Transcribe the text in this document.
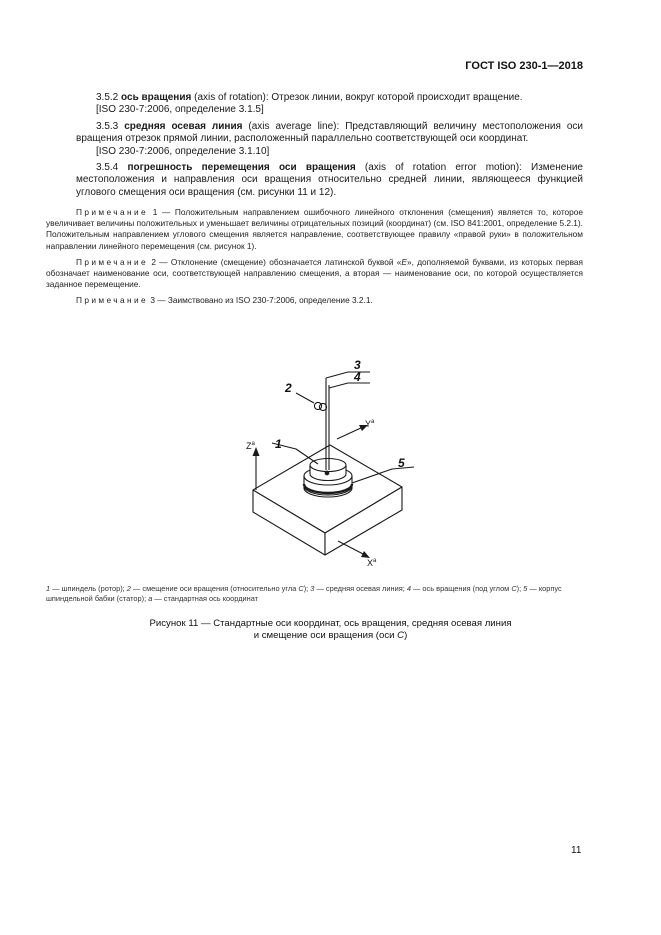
ГОСТ ISO 230-1—2018

3.5.2 ось вращения (axis of rotation): Отрезок линии, вокруг которой происходит вращение.

[ISO 230-7:2006, определение 3.1.5]

3.5.3 средняя осевая линия (axis average line): Представляющий величину местоположения оси вращения отрезок прямой линии, расположенный параллельно соответствующей оси координат.

[ISO 230-7:2006, определение 3.1.10]

3.5.4 погрешность перемещения оси вращения (axis of rotation error motion): Изменение местоположения и направления оси вращения относительно средней линии, являющееся функцией углового смещения оси вращения (см. рисунки 11 и 12).

Примечание 1 — Положительным направлением ошибочного линейного отклонения (смещения) является то, которое увеличивает величины положительных и уменьшает величины отрицательных позиций (координат) (см. ISO 841:2001, определение 5.2.1). Положительным направлением углового смещения является направление, соответствующее правилу «правой руки» в положительном направлении линейного перемещения (см. рисунок 1).

Примечание 2 — Отклонение (смещение) обозначается латинской буквой «E», дополняемой буквами, из которых первая обозначает наименование оси, соответствующей направлению смещения, а вторая — наименование оси, по которой осуществляется заданное перемещение.

Примечание 3 — Заимствовано из ISO 230-7:2006, определение 3.2.1.

1
2
3
4
5
$Z^a$
$Y^a$
$X^a$
1 — шпиндель (ротор); 2 — смещение оси вращения (относительно угла C); 3 — средняя осевая линия; 4 — ось вращения (под углом C); 5 — корпус шпиндельной бабки (статор); a — стандартная ось координат
Рисунок 11 — Стандартные оси координат, ось вращения, средняя осевая линия
и смещение оси вращения (оси C)
11
